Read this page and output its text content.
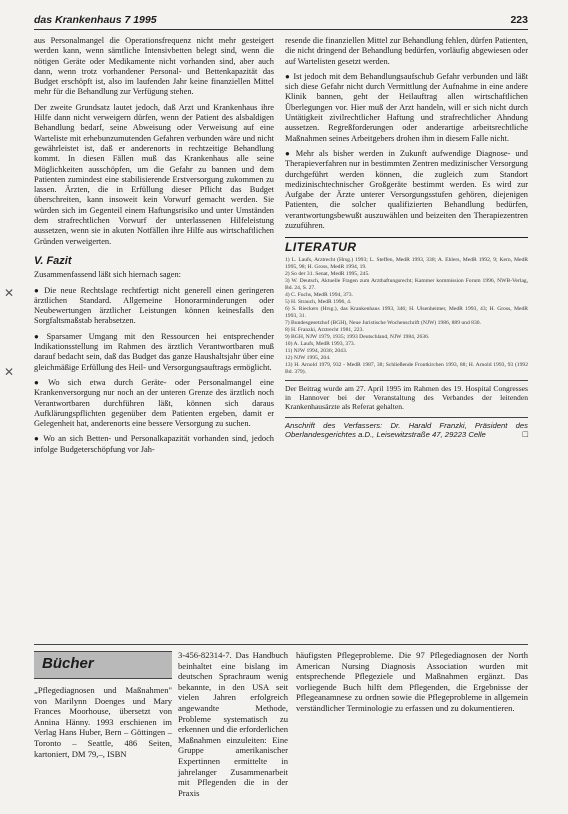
das Krankenhaus 7 1995	223
✕
✕

aus Personalmangel die Operationsfrequenz nicht mehr gesteigert werden kann, wenn sämtliche Intensivbetten belegt sind, wenn die nötigen Geräte oder Medikamente nicht vorhanden sind, aber auch dann, wenn trotz vorhandener Personal- und Bettenkapazität das Budget erschöpft ist, also im laufenden Jahr keine finanziellen Mittel mehr für die Behandlung zur Verfügung stehen.

Der zweite Grundsatz lautet jedoch, daß Arzt und Krankenhaus ihre Hilfe dann nicht verweigern dürfen, wenn der Patient des alsbaldigen Behandlung bedarf, seine Abweisung oder Verweisung auf eine Warteliste mit erhebunzumutenden Gefahren verbunden wäre und nicht gewährleistet ist, daß er anderenorts in rechtzeitige Behandlung kommt. In diesen Fällen muß das Krankenhaus alle seine Möglichkeiten ausschöpfen, um die Gefahr zu bannen und dem Patienten zumindest eine stabilisierende Erstversorgung zukommen zu lassen. Ärzten, die in Erfüllung dieser Pflicht das Budget überschreiten, kann insoweit kein Vorwurf gemacht werden. Sie würden sich im Gegenteil einem Haftungsrisiko und unter Umständen dem strafrechtlichen Vorwurf der unterlassenen Hilfeleistung aussetzen, wenn sie in akuten Notfällen ihre Hilfe aus wirtschaftlichen Gründen verweigerten.

V. Fazit

Zusammenfassend läßt sich hiernach sagen:

● Die neue Rechtslage rechtfertigt nicht generell einen geringeren ärztlichen Standard. Allgemeine Honorarminderungen oder Neubewertungen ärztlicher Leistungen können keinesfalls den Sorgfaltsmaßstab herabsetzen.

● Sparsamer Umgang mit den Ressourcen hei entsprechender Indikationsstellung im Rahmen des ärztlich Verantwortbaren muß darauf bedacht sein, daß das Budget das ganze Haushaltsjahr über eine gleichmäßige Erfüllung des Heil- und Versorgungsauftrags ermöglicht.

● Wo sich etwa durch Geräte- oder Personalmangel eine Krankenversorgung nur noch an der unteren Grenze des ärztlich noch Verantwortbaren durchführen läßt, können sich daraus Aufklärungspflichten gegenüber dem Patienten ergeben, damit er Gelegenheit hat, anderenorts eine bessere Versorgung zu suchen.

● Wo an sich Betten- und Personalkapazität vorhanden sind, jedoch infolge Budgeterschöpfung vor Jah-

resende die finanziellen Mittel zur Behandlung fehlen, dürfen Patienten, die nicht dringend der Behandlung bedürfen, vorläufig abgewiesen oder auf Wartelisten gesetzt werden.

● Ist jedoch mit dem Behandlungsaufschub Gefahr verbunden und läßt sich diese Gefahr nicht durch Vermittlung der Aufnahme in eine andere Klinik bannen, geht der Heilauftrag allen wirtschaftlichen Überlegungen vor. Hier muß der Arzt handeln, will er sich nicht durch Untätigkeit zivilrechtlicher Haftung und strafrechtlicher Ahndung aussetzen. Regreßforderungen oder anderartige arbeitsrechtliche Maßnahmen seines Arbeitgebers drohen ihm in diesem Falle nicht.

● Mehr als bisher werden in Zukunft aufwendige Diagnose- und Therapieverfahren nur in bestimmten Zentren medizinischer Versorgung durchgeführt werden können, die zugleich zum Standort medizinischtechnischer Großgeräte bestimmt werden. Es wird zur Aufgabe der Ärzte unterer Versorgungsstufen gehören, diejenigen Patienten, die solcher qualifizierten Behandlung bedürfen, verantwortungsbewußt auszuwählen und beizeiten den Therapiezentren zuzuführen.

LITERATUR
1) L. Laufs, Arztrecht (Hrsg.) 1993; L. Steffen, MedR 1993, 338; A. Ehlers, MedR 1992, 9; Kern, MedR 1995, 98; H. Gross, MedR 1994, 19.
2) So der 31. Senat, MedR 1995, 245.
3) W. Deutsch, Aktuelle Fragen zum Arzthaftungsrecht; Kammer kommission Forum 1996, NWB-Verlag, Bd. 24, S. 27.
4) C. Fuchs, MedR 1994, 373.
5) H. Strauch, MedR 1996, 4.
6) S. Rieckers (Hrsg.), das Krankenhaus 1993, 346; H. Ulsenheimer, MedR 1993, 43; H. Gross, MedR 1993, 31.
7) Bundesgesetzhof (BGH), Neue Juristische Wochenschrift (NJW) 1986, 889 und 830.
8) H. Franzki, Arztrecht 1981, 223.
9) BGH, NJW 1979, 1935; 1993 Deutschland, NJW 1984, 2636.
10) A. Laufs, MedR 1993, 373.
11) NJW 1994, 2036; 2043.
12) NJW 1995, 204.
13) H. Arnold 1979, 932 - MedR 1987, 38; Schließende Frontkirchen 1993, 88; H. Arnold 1993, 93 (1992 Bd. 379).
Der Beitrag wurde am 27. April 1995 im Rahmen des 19. Hospital Congresses in Hannover bei der Veranstaltung des Verbandes der leitenden Krankenhausärzte als Referat gehalten.
Anschrift des Verfassers: Dr. Harald Franzki, Präsident des Oberlandesgerichtes a.D., Leisewitzstraße 47, 29223 Celle	□
Bücher

„Pflegediagnosen und Maßnahmen" von Marilynn Doenges und Mary Frances Moorhouse, übersetzt von Annina Hänny. 1993 erschienen im Verlag Hans Huber, Bern – Göttingen – Toronto – Seattle, 486 Seiten, kartoniert, DM 79,–, ISBN

3-456-82314-7. Das Handbuch beinhaltet eine bislang im deutschen Sprachraum wenig bekannte, in den USA seit vielen Jahren erfolgreich angewandte Methode, Probleme systematisch zu erkennen und die erforderlichen Maßnahmen einzuleiten: Eine Gruppe amerikanischer Expertinnen ermittelte in jahrelanger Zusammenarbeit mit Pflegenden die in der Praxis

häufigsten Pflegeprobleme. Die 97 Pflegediagnosen der North American Nursing Diagnosis Association wurden mit entsprechende Pflegeziele und Maßnahmen ergänzt. Das vorliegende Buch hilft dem Pflegenden, die Ergebnisse der Pflegeanamnese zu ordnen sowie die Pflegeprobleme in allgemein verständlicher Terminologie zu erfassen und zu dokumentieren.
